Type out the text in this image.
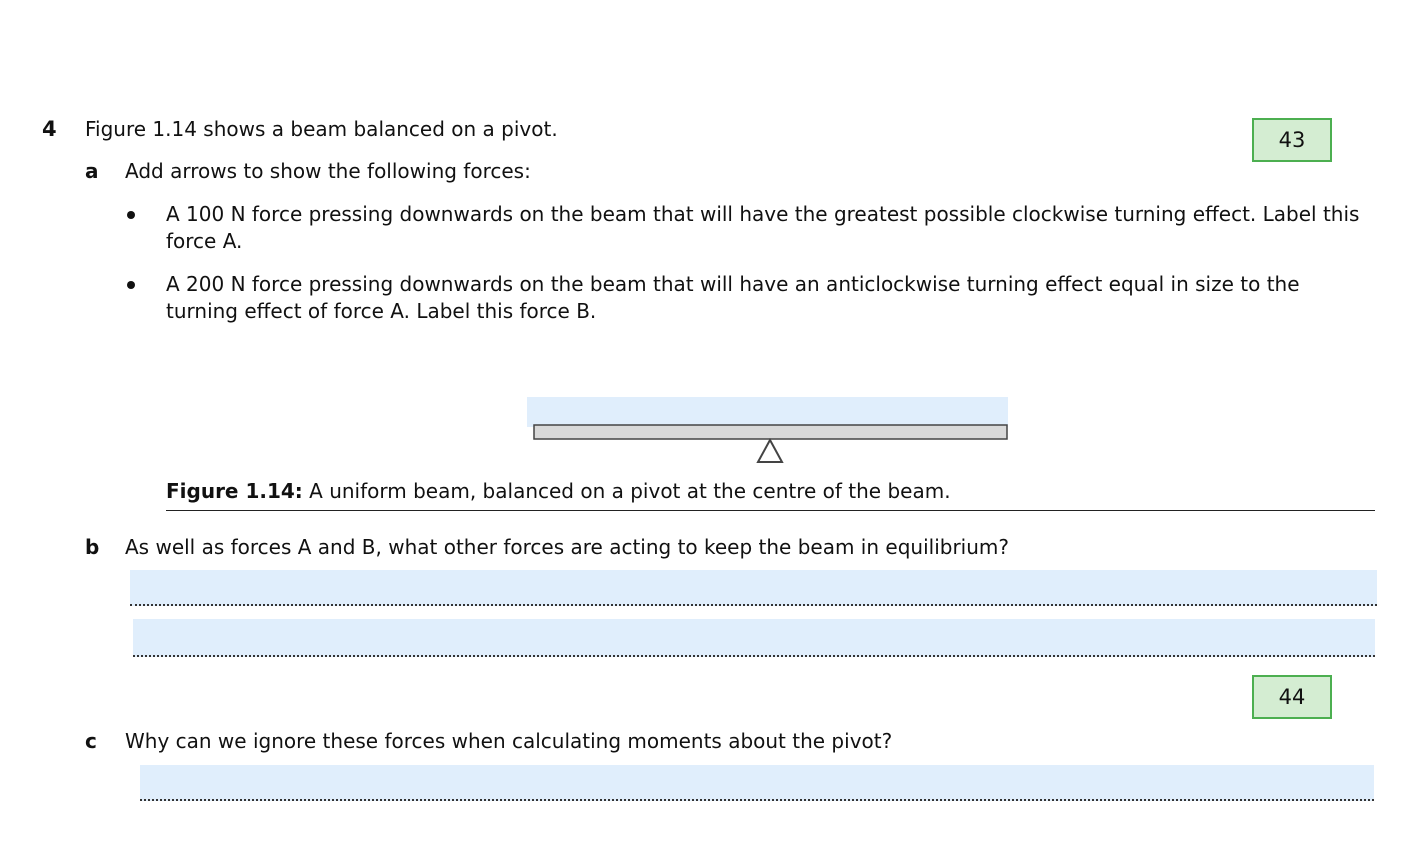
4 Figure 1.14 shows a beam balanced on a pivot.	43
a Add arrows to show the following forces:
A 100 N force pressing downwards on the beam that will have the greatest possible clockwise turning effect. Label this force A.
A 200 N force pressing downwards on the beam that will have an anticlockwise turning effect equal in size to the turning effect of force A. Label this force B.
Figure 1.14: A uniform beam, balanced on a pivot at the centre of the beam.
b As well as forces A and B, what other forces are acting to keep the beam in equilibrium?
44
c Why can we ignore these forces when calculating moments about the pivot?
